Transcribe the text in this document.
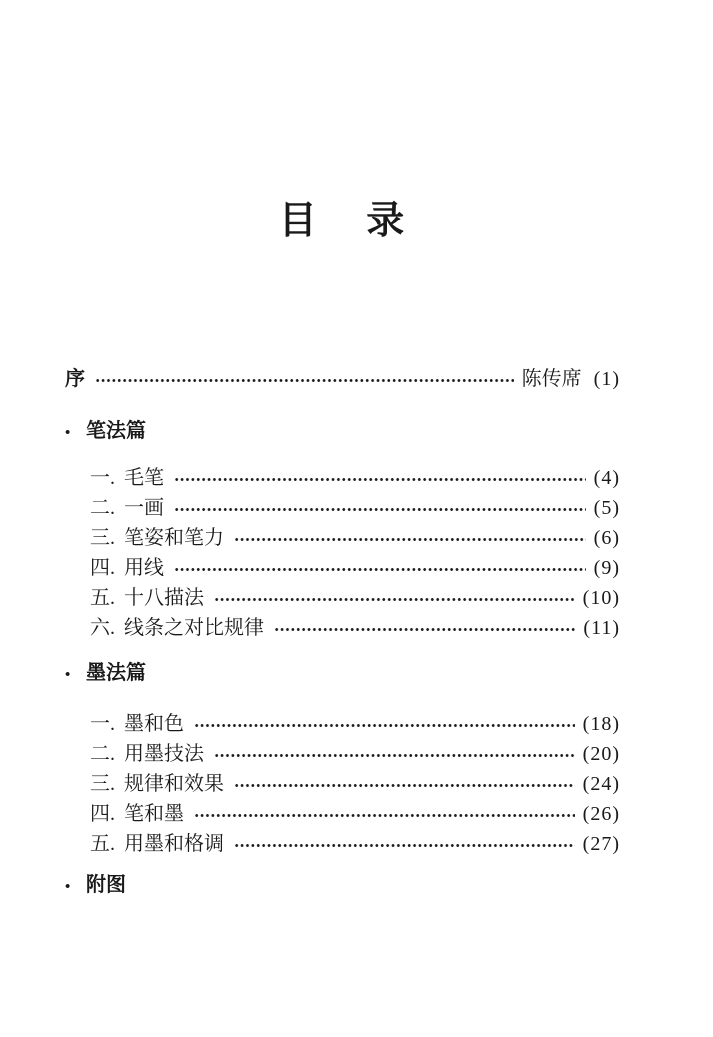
目 录
序	陈传席 (1)
• 笔法篇
一. 毛笔	(4)
二. 一画	(5)
三. 笔姿和笔力	(6)
四. 用线	(9)
五. 十八描法	(10)
六. 线条之对比规律	(11)
• 墨法篇
一. 墨和色	(18)
二. 用墨技法	(20)
三. 规律和效果	(24)
四. 笔和墨	(26)
五. 用墨和格调	(27)
• 附图
